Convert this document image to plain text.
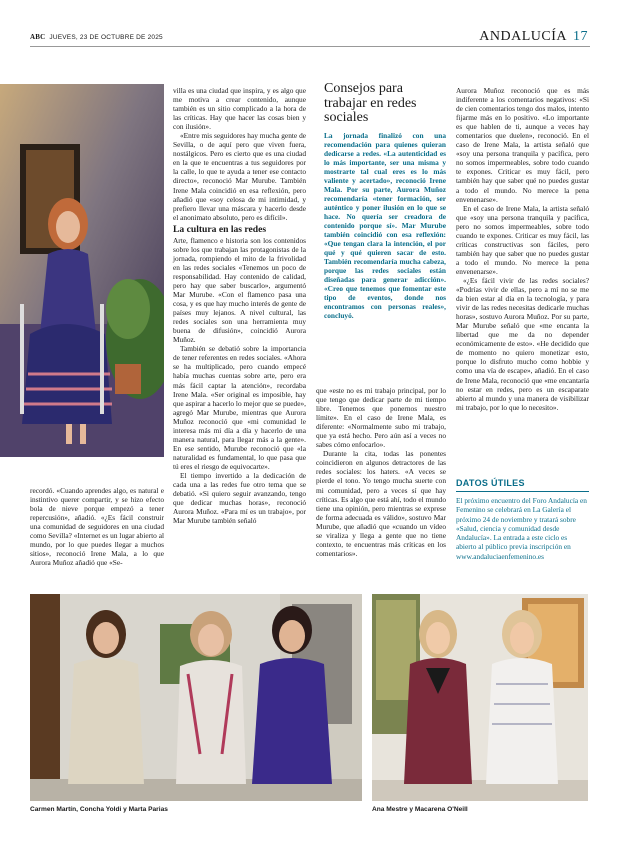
ABC JUEVES, 23 DE OCTUBRE DE 2025	ANDALUCÍA 17

recordó. «Cuando aprendes algo, es natural e instintivo querer compartir, y se hizo efecto bola de nieve porque empezó a tener repercusión», añadió. «¿Es fácil construir una comunidad de seguidores en una ciudad como Sevilla? «Internet es un lugar abierto al mundo, por lo que puedes llegar a muchos sitios», reconoció Irene Mala, a lo que Aurora Muñoz añadió que «Se-

villa es una ciudad que inspira, y es algo que me motiva a crear contenido, aunque también es un sitio complicado a la hora de las críticas. Hay que hacer las cosas bien y con ilusión».

«Entre mis seguidores hay mucha gente de Sevilla, o de aquí pero que viven fuera, nostálgicos. Pero es cierto que es una ciudad en la que te encuentras a tus seguidores por la calle, lo que te ayuda a tener ese contacto directo», reconoció Mar Murube. También Irene Mala coincidió en esa reflexión, pero añadió que «soy celosa de mi intimidad, y prefiero llevar una máscara y hacerlo desde el anonimato absoluto, pero es difícil».

La cultura en las redes

Arte, flamenco e historia son los contenidos sobre los que trabajan las protagonistas de la jornada, rompiendo el mito de la frivolidad en las redes sociales «Tenemos un poco de responsabilidad. Hay contenido de calidad, pero hay que saber buscarlo», argumentó Mar Murube. «Con el flamenco pasa una cosa, y es que hay mucho interés de gente de países muy lejanos. A nivel cultural, las redes sociales son una herramienta muy buena de difusión», coincidió Aurora Muñoz.

También se debatió sobre la importancia de tener referentes en redes sociales. «Ahora se ha multiplicado, pero cuando empecé había muchas cuentas sobre arte, pero era más fácil captar la atención», recordaba Irene Mala. «Ser original es imposible, hay que aspirar a hacerlo lo mejor que se puede», agregó Mar Murube, mientras que Aurora Muñoz reconoció que «mi comunidad le interesa más mi día a día y hacerlo de una manera natural, para llegar más a la gente». En ese sentido, Murube reconoció que «la naturalidad es fundamental, lo que pasa que tú eres el riesgo de equivocarte».

El tiempo invertido a la dedicación de cada una a las redes fue otro tema que se debatió. «Si quiero seguir avanzando, tengo que dedicar muchas horas», reconoció Aurora Muñoz. «Para mí es un trabajo», por Mar Murube también señaló

Consejos para trabajar en redes sociales
La jornada finalizó con una recomendación para quienes quieran dedicarse a redes. «La autenticidad es lo más importante, ser una misma y mostrarte tal cual eres es lo más valiente y acertado», reconoció Irene Mala. Por su parte, Aurora Muñoz recomendaría «tener formación, ser auténtico y poner ilusión en lo que se hace. No quería ser creadora de contenido porque sí». Mar Murube también coincidió con esa reflexión: «Que tengan clara la intención, el por qué y qué quieren sacar de esto. También recomendaría mucha cabeza, porque las redes sociales están diseñadas para generar adicción». «Creo que tenemos que fomentar este tipo de eventos, donde nos encontramos con personas reales», concluyó.

que «este no es mi trabajo principal, por lo que tengo que dedicar parte de mi tiempo libre. Tenemos que ponernos nuestro límite». En el caso de Irene Mala, es diferente: «Normalmente subo mi trabajo, que ya está hecho. Pero aún así a veces no sabes cómo enfocarlo».

Durante la cita, todas las ponentes coincidieron en algunos detractores de las redes sociales: los haters. «A veces se pierde el tono. Yo tengo mucha suerte con mi comunidad, pero a veces sí que hay críticas. Es algo que está ahí, todo el mundo tiene una opinión, pero mientras se exprese de forma adecuada es válido», sostuvo Mar Murube, que añadió que «cuando un vídeo se viraliza y llega a gente que no tiene contexto, te encuentras más críticas en los comentarios».

Aurora Muñoz reconoció que es más indiferente a los comentarios negativos: «Si de cien comentarios tengo dos malos, intento fijarme más en lo positivo. «Lo importante es que hablen de ti, aunque a veces hay comentarios que duelen», reconoció. En el caso de Irene Mala, la artista señaló que «soy una persona tranquila y pacífica, pero no somos impermeables, sobre todo cuando te expones. Criticar es muy fácil, pero también hay que saber qué no puedes gustar a todo el mundo. No merece la pena envenenarse».

En el caso de Irene Mala, la artista señaló que «soy una persona tranquila y pacífica, pero no somos impermeables, sobre todo cuando te expones. Criticar es muy fácil, las críticas constructivas son fáciles, pero también hay que saber que no puedes gustar a todo el mundo. No merece la pena envenenarse».

«¿Es fácil vivir de las redes sociales? «Podrías vivir de ellas, pero a mí no se me da bien estar al día en la tecnología, y para vivir de las redes necesitas dedicarle muchas horas», sostuvo Aurora Muñoz. Por su parte, Mar Murube señaló que «me encanta la libertad que me da no depender económicamente de esto». «He decidido que de momento no quiero monetizar esto, porque lo disfruto mucho como hobbie y como una vía de escape», añadió. En el caso de Irene Mala, reconoció que «me encantaría no estar en redes, pero es un escaparate abierto al mundo y una manera de visibilizar mi trabajo, por lo que lo necesito».

DATOS ÚTILES
El próximo encuentro del Foro Andalucía en Femenino se celebrará en La Galería el próximo 24 de noviembre y tratará sobre «Salud, ciencia y comunidad desde Andalucía». La entrada a este ciclo es abierto al público previa inscripción en www.andaluciaenfemenino.es
Carmen Martín, Concha Yoldi y Marta Parias	Ana Mestre y Macarena O'Neill
